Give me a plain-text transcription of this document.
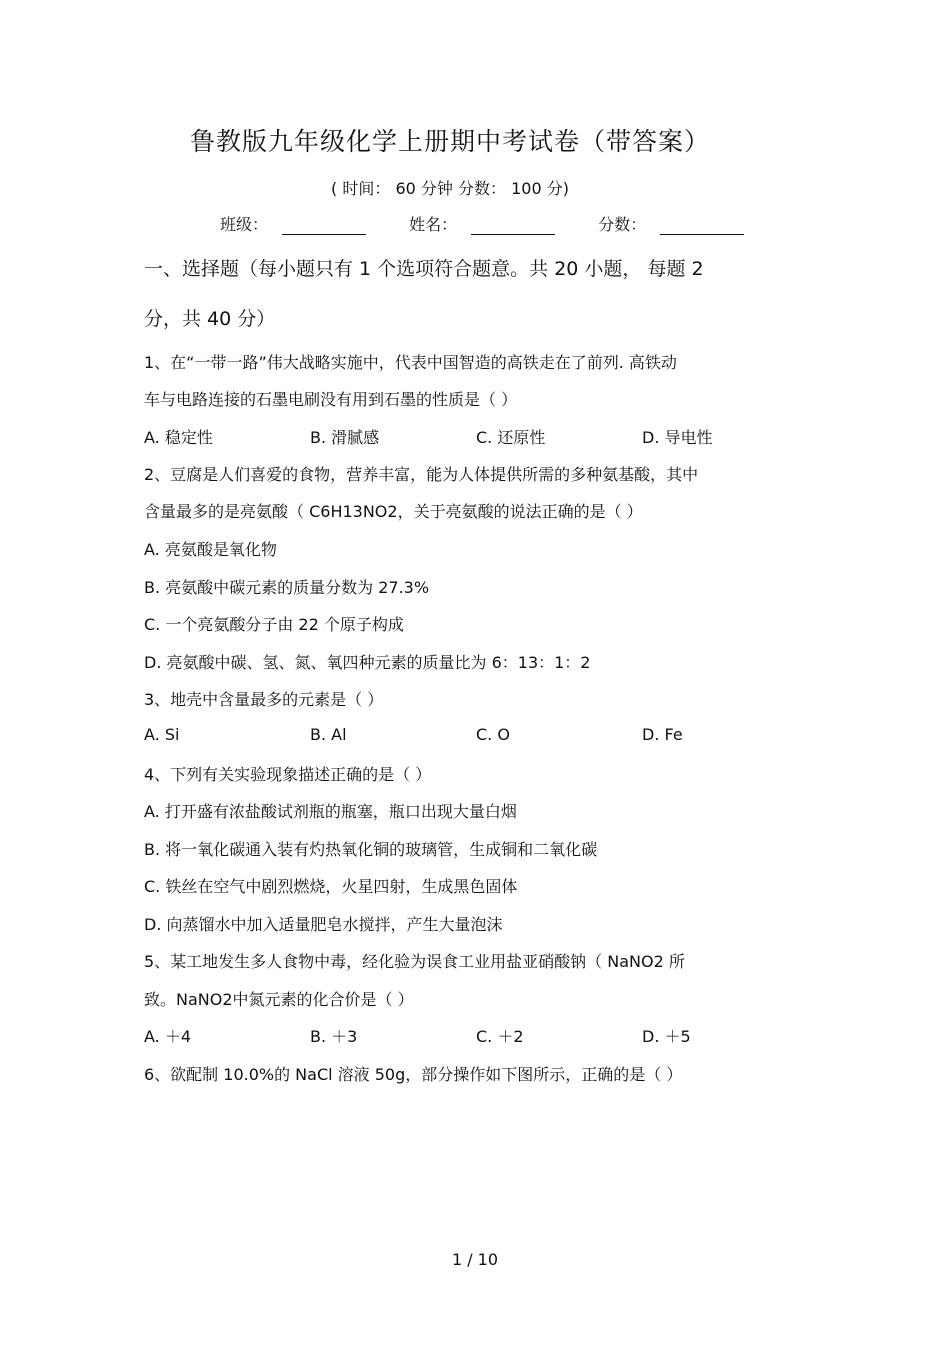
鲁教版九年级化学上册期中考试卷（带答案）
( 时间： 60 分钟 分数： 100 分)
班级：	姓名：	分数：
一、选择题（每小题只有 1 个选项符合题意。共 20 小题， 每题 2
分，共 40 分）
1、在“一带一路”伟大战略实施中，代表中国智造的高铁走在了前列. 高铁动
车与电路连接的石墨电刷没有用到石墨的性质是（ ）
A. 稳定性	B. 滑腻感	C. 还原性	D. 导电性
2、豆腐是人们喜爱的食物，营养丰富，能为人体提供所需的多种氨基酸，其中
含量最多的是亮氨酸（ C6H13NO2，关于亮氨酸的说法正确的是（ ）
A. 亮氨酸是氧化物
B. 亮氨酸中碳元素的质量分数为 27.3%
C. 一个亮氨酸分子由 22 个原子构成
D. 亮氨酸中碳、氢、氮、氧四种元素的质量比为 6：13：1：2
3、地壳中含量最多的元素是（ ）
A. Si	B. Al	C. O	D. Fe
4、下列有关实验现象描述正确的是（ ）
A. 打开盛有浓盐酸试剂瓶的瓶塞，瓶口出现大量白烟
B. 将一氧化碳通入装有灼热氧化铜的玻璃管，生成铜和二氧化碳
C. 铁丝在空气中剧烈燃烧，火星四射，生成黑色固体
D. 向蒸馏水中加入适量肥皂水搅拌，产生大量泡沫
5、某工地发生多人食物中毒，经化验为误食工业用盐亚硝酸钠（ NaNO2 所
致。NaNO2中氮元素的化合价是（ ）
A. ＋4	B. ＋3	C. ＋2	D. ＋5
6、欲配制 10.0%的 NaCl 溶液 50g，部分操作如下图所示，正确的是（ ）
1 / 10
